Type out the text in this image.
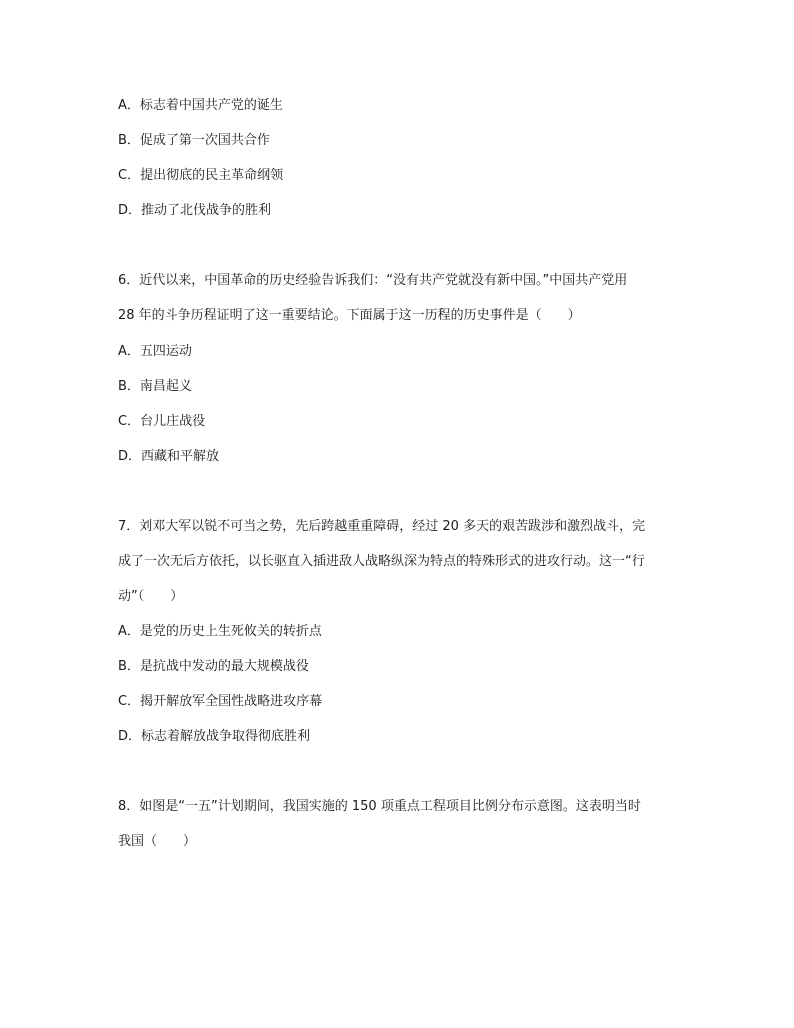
A．标志着中国共产党的诞生
B．促成了第一次国共合作
C．提出彻底的民主革命纲领
D．推动了北伐战争的胜利
6．近代以来，中国革命的历史经验告诉我们：“没有共产党就没有新中国。”中国共产党用
28 年的斗争历程证明了这一重要结论。下面属于这一历程的历史事件是（　　）
A．五四运动
B．南昌起义
C．台儿庄战役
D．西藏和平解放
7．刘邓大军以锐不可当之势，先后跨越重重障碍，经过 20 多天的艰苦跋涉和激烈战斗，完
成了一次无后方依托，以长驱直入插进敌人战略纵深为特点的特殊形式的进攻行动。这一“行
动”（　　）
A．是党的历史上生死攸关的转折点
B．是抗战中发动的最大规模战役
C．揭开解放军全国性战略进攻序幕
D．标志着解放战争取得彻底胜利
8．如图是“一五”计划期间，我国实施的 150 项重点工程项目比例分布示意图。这表明当时
我国（　　）
